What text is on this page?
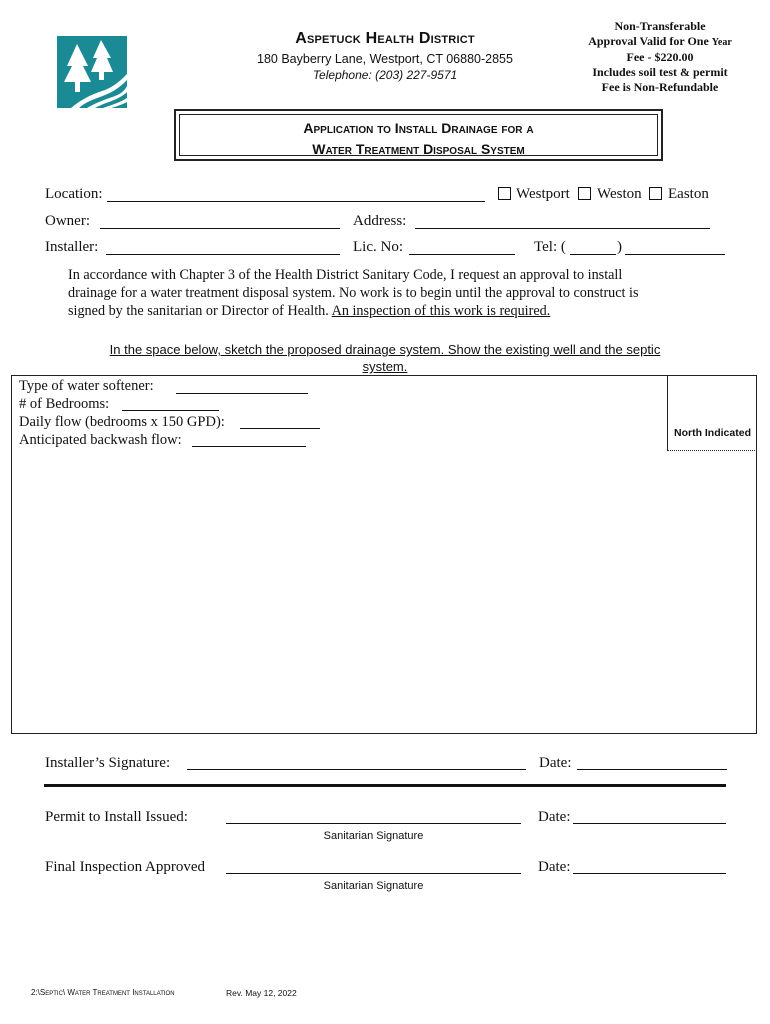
Aspetuck Health District
180 Bayberry Lane, Westport, CT 06880-2855
Telephone: (203) 227-9571
Non-Transferable
Approval Valid for One Year
Fee - $220.00
Includes soil test & permit
Fee is Non-Refundable
Application to Install Drainage for a
Water Treatment Disposal System
Location:	Westport Weston Easton
Owner:	Address:
Installer:	Lic. No:	Tel: (	)
In accordance with Chapter 3 of the Health District Sanitary Code, I request an approval to install
drainage for a water treatment disposal system. No work is to begin until the approval to construct is
signed by the sanitarian or Director of Health. An inspection of this work is required.
In the space below, sketch the proposed drainage system. Show the existing well and the septic
system.
North Indicated
Type of water softener:
# of Bedrooms:
Daily flow (bedrooms x 150 GPD):
Anticipated backwash flow:
Installer’s Signature:	Date:
Permit to Install Issued:
Sanitarian Signature
Date:
Final Inspection Approved
Sanitarian Signature
Date:
2:\Septic\ Water Treatment Installation	Rev. May 12, 2022
